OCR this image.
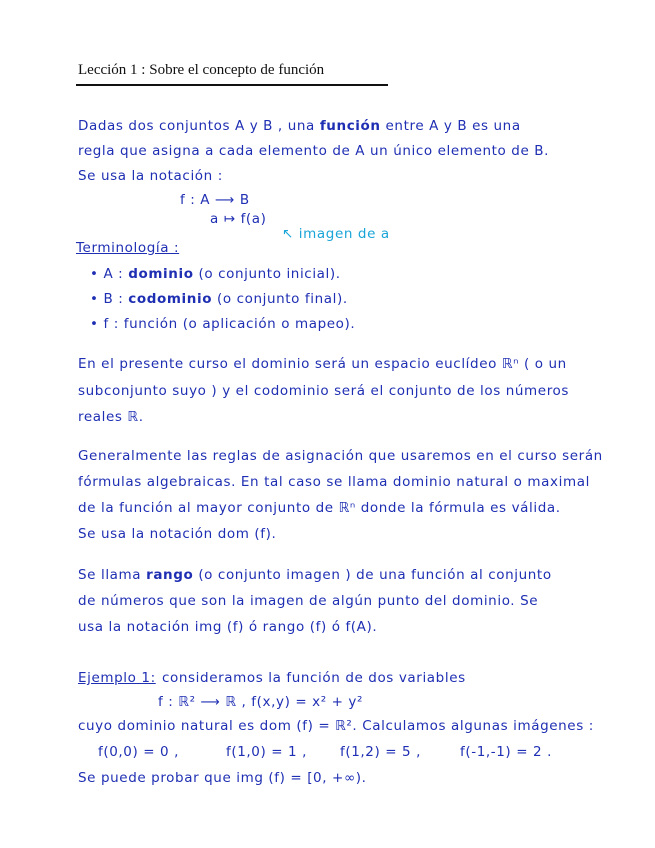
Lección 1 : Sobre el concepto de función
Dadas dos conjuntos A y B , una función entre A y B es una
regla que asigna a cada elemento de A un único elemento de B.
Se usa la notación :
f : A ⟶ B
a ↦ f(a)
↖ imagen de a
Terminología :
• A : dominio (o conjunto inicial).
• B : codominio (o conjunto final).
• f : función (o aplicación o mapeo).
En el presente curso el dominio será un espacio euclídeo ℝⁿ ( o un
subconjunto suyo ) y el codominio será el conjunto de los números
reales ℝ.
Generalmente las reglas de asignación que usaremos en el curso serán
fórmulas algebraicas. En tal caso se llama dominio natural o maximal
de la función al mayor conjunto de ℝⁿ donde la fórmula es válida.
Se usa la notación dom (f).
Se llama rango (o conjunto imagen ) de una función al conjunto
de números que son la imagen de algún punto del dominio. Se
usa la notación img (f) ó rango (f) ó f(A).
Ejemplo 1: consideramos la función de dos variables
f : ℝ² ⟶ ℝ , f(x,y) = x² + y²
cuyo dominio natural es dom (f) = ℝ². Calculamos algunas imágenes :
f(0,0) = 0 ,	f(1,0) = 1 , f(1,2) = 5 ,	f(-1,-1) = 2 .
Se puede probar que img (f) = [0, +∞).
